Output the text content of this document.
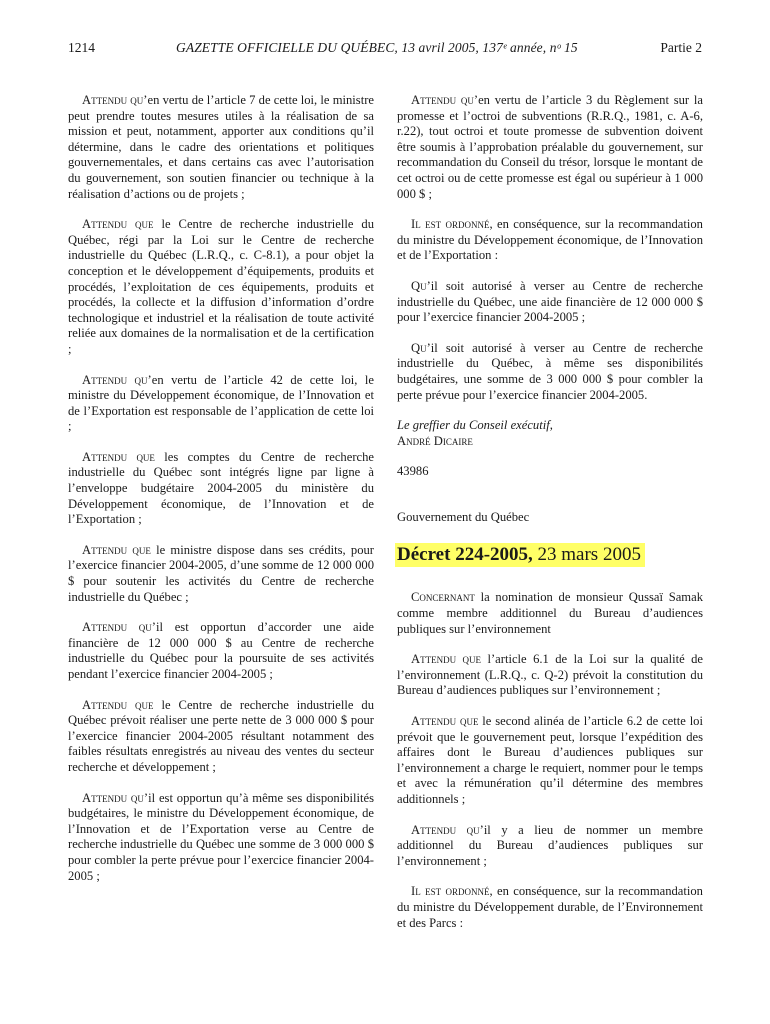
1214	GAZETTE OFFICIELLE DU QUÉBEC, 13 avril 2005, 137ᵉ année, nᵒ 15	Partie 2

Attendu qu’en vertu de l’article 7 de cette loi, le ministre peut prendre toutes mesures utiles à la réalisation de sa mission et peut, notamment, apporter aux conditions qu’il détermine, dans le cadre des orientations et politiques gouvernementales, et dans certains cas avec l’autorisation du gouvernement, son soutien financier ou technique à la réalisation d’actions ou de projets ;

Attendu que le Centre de recherche industrielle du Québec, régi par la Loi sur le Centre de recherche industrielle du Québec (L.R.Q., c. C-8.1), a pour objet la conception et le développement d’équipements, produits et procédés, l’exploitation de ces équipements, produits et procédés, la collecte et la diffusion d’information d’ordre technologique et industriel et la réalisation de toute activité reliée aux domaines de la normalisation et de la certification ;

Attendu qu’en vertu de l’article 42 de cette loi, le ministre du Développement économique, de l’Innovation et de l’Exportation est responsable de l’application de cette loi ;

Attendu que les comptes du Centre de recherche industrielle du Québec sont intégrés ligne par ligne à l’enveloppe budgétaire 2004-2005 du ministère du Développement économique, de l’Innovation et de l’Exportation ;

Attendu que le ministre dispose dans ses crédits, pour l’exercice financier 2004-2005, d’une somme de 12 000 000 $ pour soutenir les activités du Centre de recherche industrielle du Québec ;

Attendu qu’il est opportun d’accorder une aide financière de 12 000 000 $ au Centre de recherche industrielle du Québec pour la poursuite de ses activités pendant l’exercice financier 2004-2005 ;

Attendu que le Centre de recherche industrielle du Québec prévoit réaliser une perte nette de 3 000 000 $ pour l’exercice financier 2004-2005 résultant notamment des faibles résultats enregistrés au niveau des ventes du secteur recherche et développement ;

Attendu qu’il est opportun qu’à même ses disponibilités budgétaires, le ministre du Développement économique, de l’Innovation et de l’Exportation verse au Centre de recherche industrielle du Québec une somme de 3 000 000 $ pour combler la perte prévue pour l’exercice financier 2004-2005 ;

Attendu qu’en vertu de l’article 3 du Règlement sur la promesse et l’octroi de subventions (R.R.Q., 1981, c. A-6, r.22), tout octroi et toute promesse de subvention doivent être soumis à l’approbation préalable du gouvernement, sur recommandation du Conseil du trésor, lorsque le montant de cet octroi ou de cette promesse est égal ou supérieur à 1 000 000 $ ;

Il est ordonné, en conséquence, sur la recommandation du ministre du Développement économique, de l’Innovation et de l’Exportation :

Qu’il soit autorisé à verser au Centre de recherche industrielle du Québec, une aide financière de 12 000 000 $ pour l’exercice financier 2004-2005 ;

Qu’il soit autorisé à verser au Centre de recherche industrielle du Québec, à même ses disponibilités budgétaires, une somme de 3 000 000 $ pour combler la perte prévue pour l’exercice financier 2004-2005.

Le greffier du Conseil exécutif,
André Dicaire

43986

Gouvernement du Québec

Décret 224-2005, 23 mars 2005

Concernant la nomination de monsieur Qussaï Samak comme membre additionnel du Bureau d’audiences publiques sur l’environnement

Attendu que l’article 6.1 de la Loi sur la qualité de l’environnement (L.R.Q., c. Q-2) prévoit la constitution du Bureau d’audiences publiques sur l’environnement ;

Attendu que le second alinéa de l’article 6.2 de cette loi prévoit que le gouvernement peut, lorsque l’expédition des affaires dont le Bureau d’audiences publiques sur l’environnement a charge le requiert, nommer pour le temps et avec la rémunération qu’il détermine des membres additionnels ;

Attendu qu’il y a lieu de nommer un membre additionnel du Bureau d’audiences publiques sur l’environnement ;

Il est ordonné, en conséquence, sur la recommandation du ministre du Développement durable, de l’Environnement et des Parcs :
